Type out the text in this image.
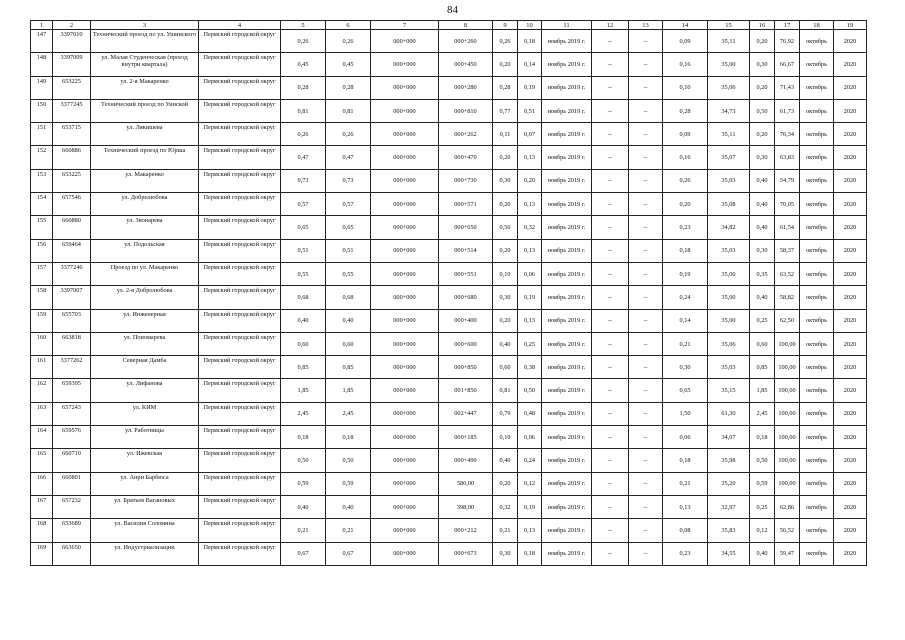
84
1	2	3	4	5	6	7	8	9	10	11	12	13	14	15	16	17	18	19
147	3397010	Технический проезд по ул. Ушинского	Пермский городской округ	0,26	0,26	000+000	000+260	0,26	0,18	ноябрь 2019 г.	–	–	0,09	35,11	0,20	76,92	октябрь	2020
148	3397009	ул. Малая Студенческая (проезд внутри квартала)	Пермский городской округ	0,45	0,45	000+000	000+450	0,20	0,14	ноябрь 2019 г.	–	–	0,16	35,00	0,30	66,67	октябрь	2020
149	653225	ул. 2-я Макаренко	Пермский городской округ	0,28	0,28	000+000	000+280	0,28	0,19	ноябрь 2019 г.	–	–	0,10	35,06	0,20	71,43	октябрь	2020
150	3377245	Технический проезд по Уинской	Пермский городской округ	0,81	0,81	000+000	000+810	0,77	0,51	ноябрь 2019 г.	–	–	0,28	34,73	0,50	61,73	октябрь	2020
151	653715	ул. Лякишева	Пермский городской округ	0,26	0,26	000+000	000+262	0,11	0,07	ноябрь 2019 г.	–	–	0,09	35,11	0,20	76,34	октябрь	2020
152	660886	Технический проезд по Юрша	Пермский городской округ	0,47	0,47	000+000	000+470	0,20	0,13	ноябрь 2019 г.	–	–	0,16	35,07	0,30	63,83	октябрь	2020
153	653225	ул. Макаренко	Пермский городской округ	0,73	0,73	000+000	000+730	0,30	0,20	ноябрь 2019 г.	–	–	0,26	35,03	0,40	54,79	октябрь	2020
154	657546	ул. Добролюбова	Пермский городской округ	0,57	0,57	000+000	000+571	0,20	0,13	ноябрь 2019 г.	–	–	0,20	35,08	0,40	70,05	октябрь	2020
155	660880	ул. Звонарева	Пермский городской округ	0,65	0,65	000+000	000+650	0,50	0,32	ноябрь 2019 г.	–	–	0,23	34,82	0,40	61,54	октябрь	2020
156	659464	ул. Подольская	Пермский городской округ	0,51	0,51	000+000	000+514	0,20	0,13	ноябрь 2019 г.	–	–	0,18	35,03	0,30	58,37	октябрь	2020
157	3377246	Проезд по ул. Макаренко	Пермский городской округ	0,55	0,55	000+000	000+551	0,10	0,06	ноябрь 2019 г.	–	–	0,19	35,00	0,35	63,52	октябрь	2020
158	3397007	ул. 2-я Добролюбова	Пермский городской округ	0,68	0,68	000+000	000+680	0,30	0,19	ноябрь 2019 г.	–	–	0,24	35,00	0,40	58,82	октябрь	2020
159	655703	ул. Инженерная	Пермский городской округ	0,40	0,40	000+000	000+400	0,20	0,13	ноябрь 2019 г.	–	–	0,14	35,00	0,25	62,50	октябрь	2020
160	663818	ул. Пономарева	Пермский городской округ	0,60	0,60	000+000	000+600	0,40	0,25	ноябрь 2019 г.	–	–	0,21	35,06	0,60	100,00	октябрь	2020
161	3377262	Северная Дамба	Пермский городской округ	0,85	0,85	000+000	000+850	0,60	0,38	ноябрь 2019 г.	–	–	0,30	35,03	0,85	100,00	октябрь	2020
162	659395	ул. Лифанова	Пермский городской округ	1,85	1,85	000+000	001+850	0,81	0,50	ноябрь 2019 г.	–	–	0,65	35,15	1,85	100,00	октябрь	2020
163	657243	ул. КИМ	Пермский городской округ	2,45	2,45	000+000	002+447	0,79	0,48	ноябрь 2019 г.	–	–	1,50	61,30	2,45	100,00	октябрь	2020
164	659576	ул. Работницы	Пермский городской округ	0,18	0,18	000+000	000+185	0,10	0,06	ноябрь 2019 г.	–	–	0,06	34,07	0,18	100,00	октябрь	2020
165	660710	ул. Ижевская	Пермский городской округ	0,50	0,50	000+000	000+499	0,40	0,24	ноябрь 2019 г.	–	–	0,18	35,98	0,50	100,00	октябрь	2020
166	660801	ул. Анри Барбюса	Пермский городской округ	0,59	0,59	000+000	586,00	0,20	0,12	ноябрь 2019 г.	–	–	0,21	35,20	0,59	100,00	октябрь	2020
167	657232	ул. Братьев Вагановых	Пермский городской округ	0,40	0,40	000+000	398,00	0,32	0,19	ноябрь 2019 г.	–	–	0,13	32,97	0,25	62,86	октябрь	2020
168	653689	ул. Василия Соломина	Пермский городской округ	0,21	0,21	000+000	000+212	0,21	0,13	ноябрь 2019 г.	–	–	0,08	35,83	0,12	56,52	октябрь	2020
169	663650	ул. Индустриализации	Пермский городской округ	0,67	0,67	000+000	000+673	0,30	0,18	ноябрь 2019 г.	–	–	0,23	34,55	0,40	59,47	октябрь	2020
